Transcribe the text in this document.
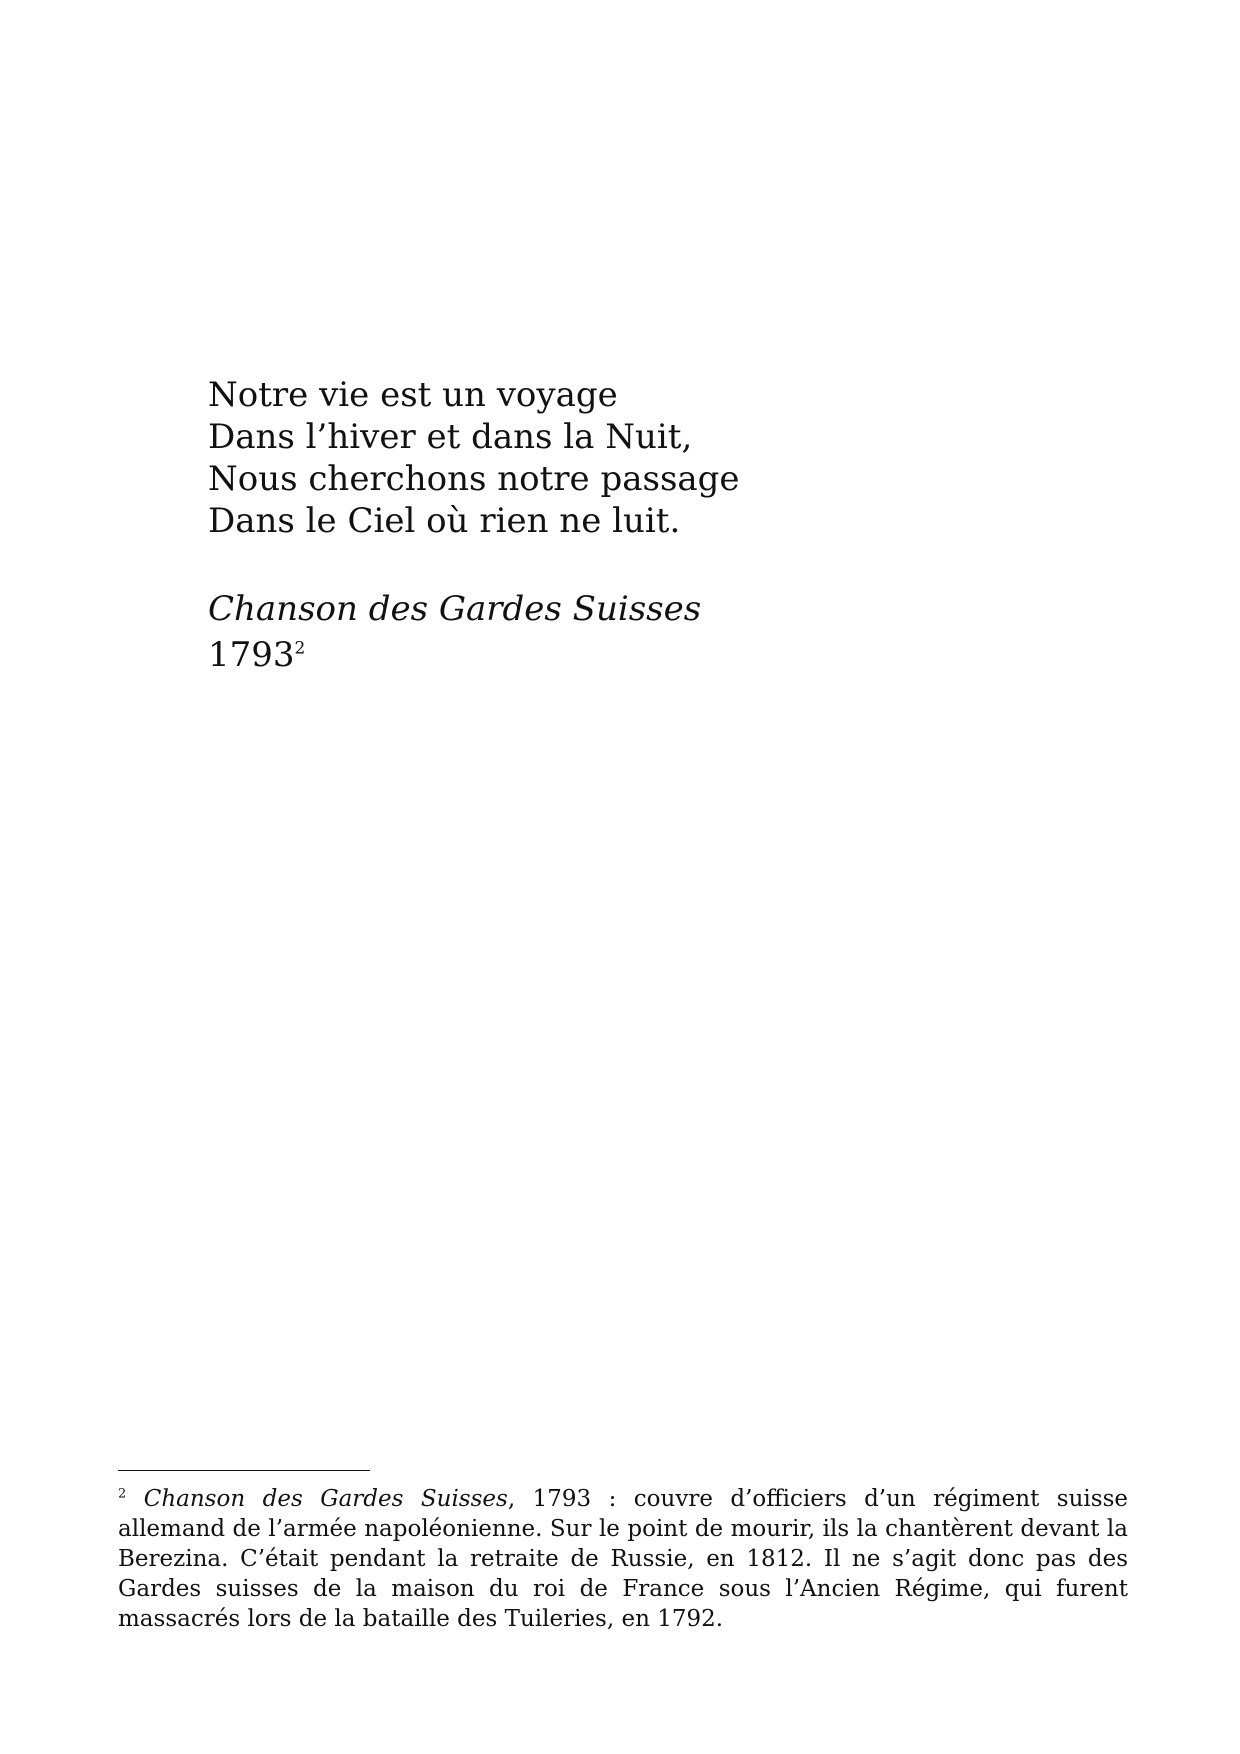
Notre vie est un voyage
Dans l’hiver et dans la Nuit,
Nous cherchons notre passage
Dans le Ciel où rien ne luit.
Chanson des Gardes Suisses
1793$^2$
$^2$ Chanson des Gardes Suisses, 1793 : couvre d’officiers d’un régiment suisse allemand de l’armée napoléonienne. Sur le point de mourir, ils la chantèrent devant la Berezina. C’était pendant la retraite de Russie, en 1812. Il ne s’agit donc pas des Gardes suisses de la maison du roi de France sous l’Ancien Régime, qui furent massacrés lors de la bataille des Tuileries, en 1792.
